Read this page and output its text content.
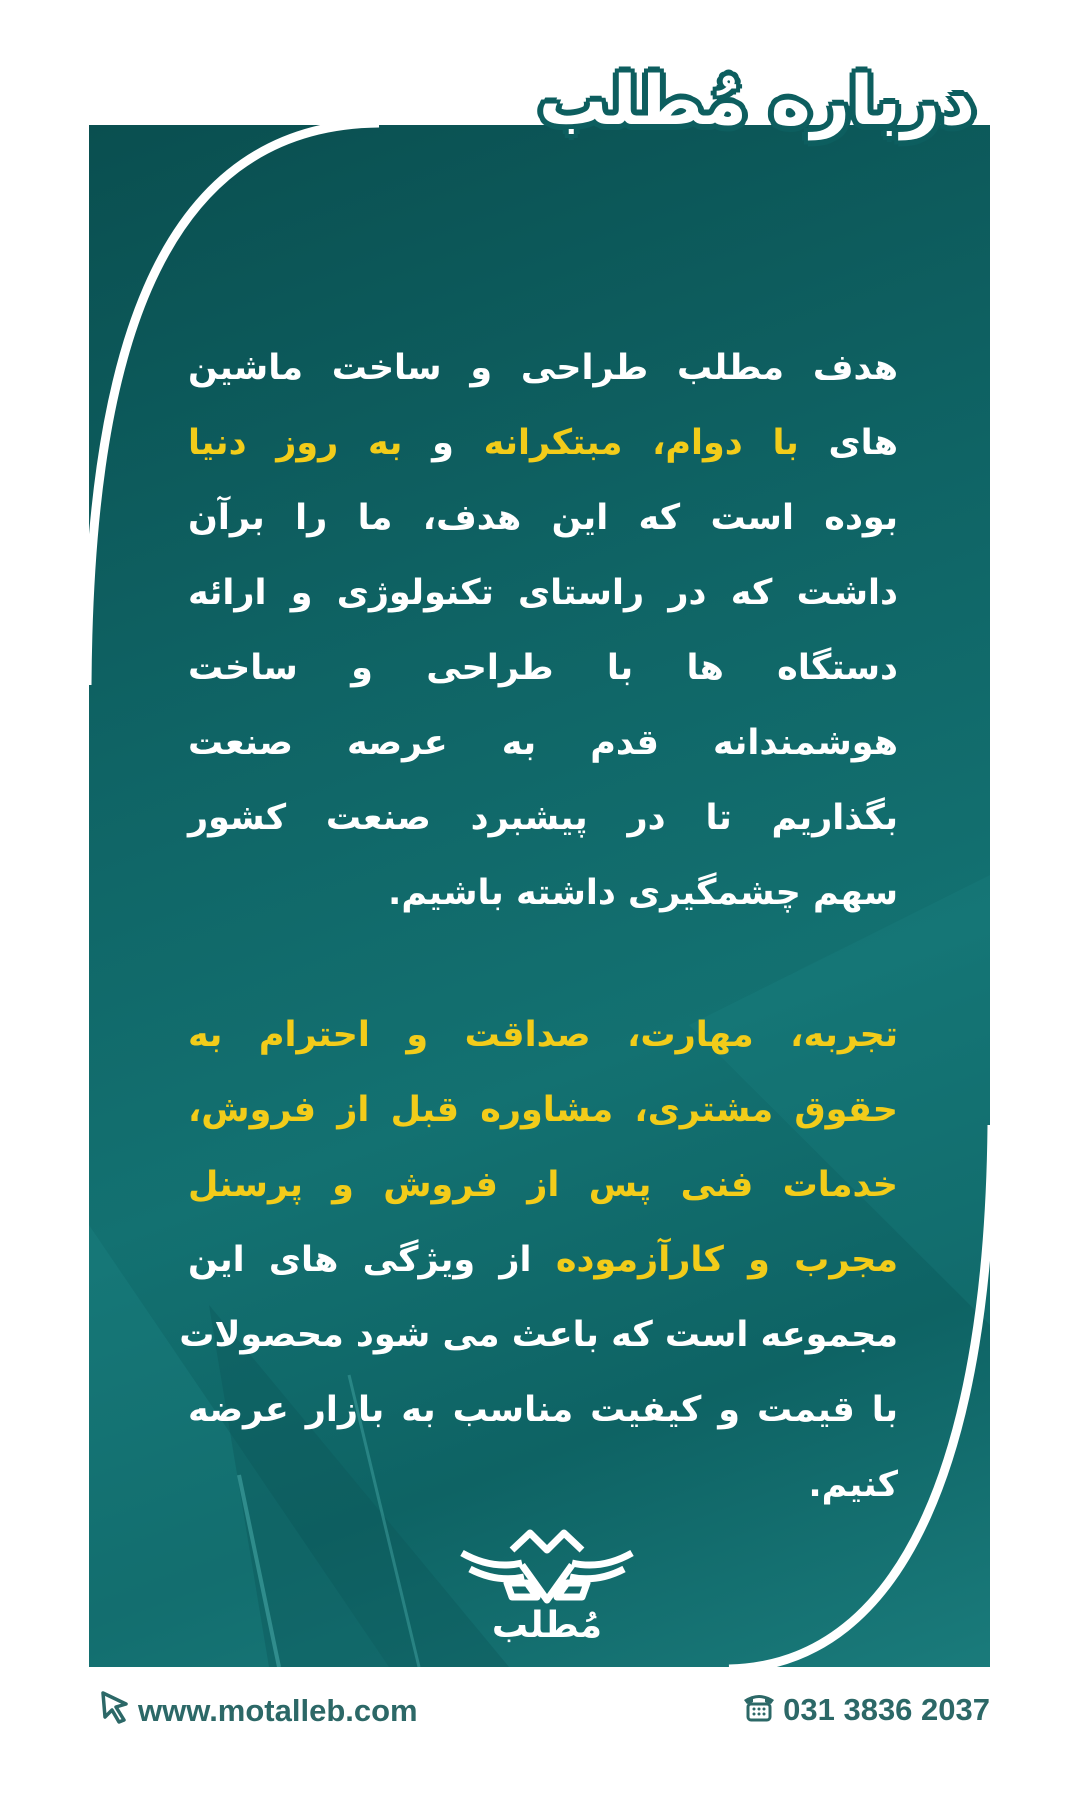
درباره مُطلب
هدف مطلب طراحی و ساخت ماشین
های با دوام، مبتکرانه و به روز دنیا
بوده است که این هدف، ما را برآن
داشت که در راستای تکنولوژی و ارائه
دستگاه ها با طراحی و ساخت
هوشمندانه قدم به عرصه صنعت
بگذاریم تا در پیشبرد صنعت کشور
سهم چشمگیری داشته باشیم.
تجربه، مهارت، صداقت و احترام به
حقوق مشتری، مشاوره قبل از فروش،
خدمات فنی پس از فروش و پرسنل
مجرب و کارآزموده از ویژگی های این
مجموعه است که باعث می شود محصولات
با قیمت و کیفیت مناسب به بازار عرضه
کنیم.
مُطلب
www.motalleb.com	031 3836 2037
